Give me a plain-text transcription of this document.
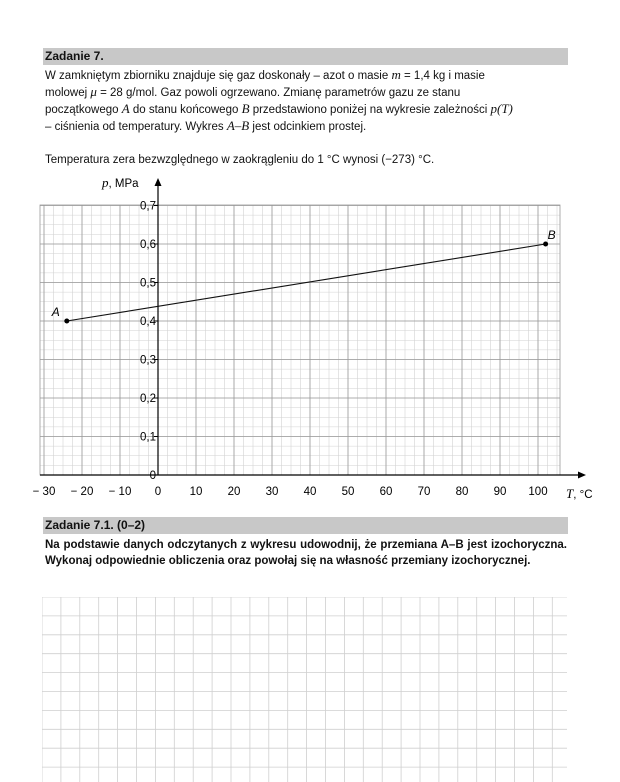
Zadanie 7.
W zamkniętym zbiorniku znajduje się gaz doskonały – azot o masie m = 1,4 kg i masie
molowej μ = 28 g/mol. Gaz powoli ogrzewano. Zmianę parametrów gazu ze stanu
początkowego A do stanu końcowego B przedstawiono poniżej na wykresie zależności p(T)
– ciśnienia od temperatury. Wykres A–B jest odcinkiem prostej.
Temperatura zera bezwzględnego w zaokrągleniu do 1 °C wynosi (−273) °C.
− 30 − 20 − 10 0 10 20 30 40 50 60 70 80 90 100
0
0,1
0,2
0,3
0,4
0,5
0,6
0,7
A
B
p, MPa
T, °C
Zadanie 7.1. (0–2)
Na podstawie danych odczytanych z wykresu udowodnij, że przemiana A–B jest izochoryczna. Wykonaj odpowiednie obliczenia oraz powołaj się na własność przemiany izochorycznej.
